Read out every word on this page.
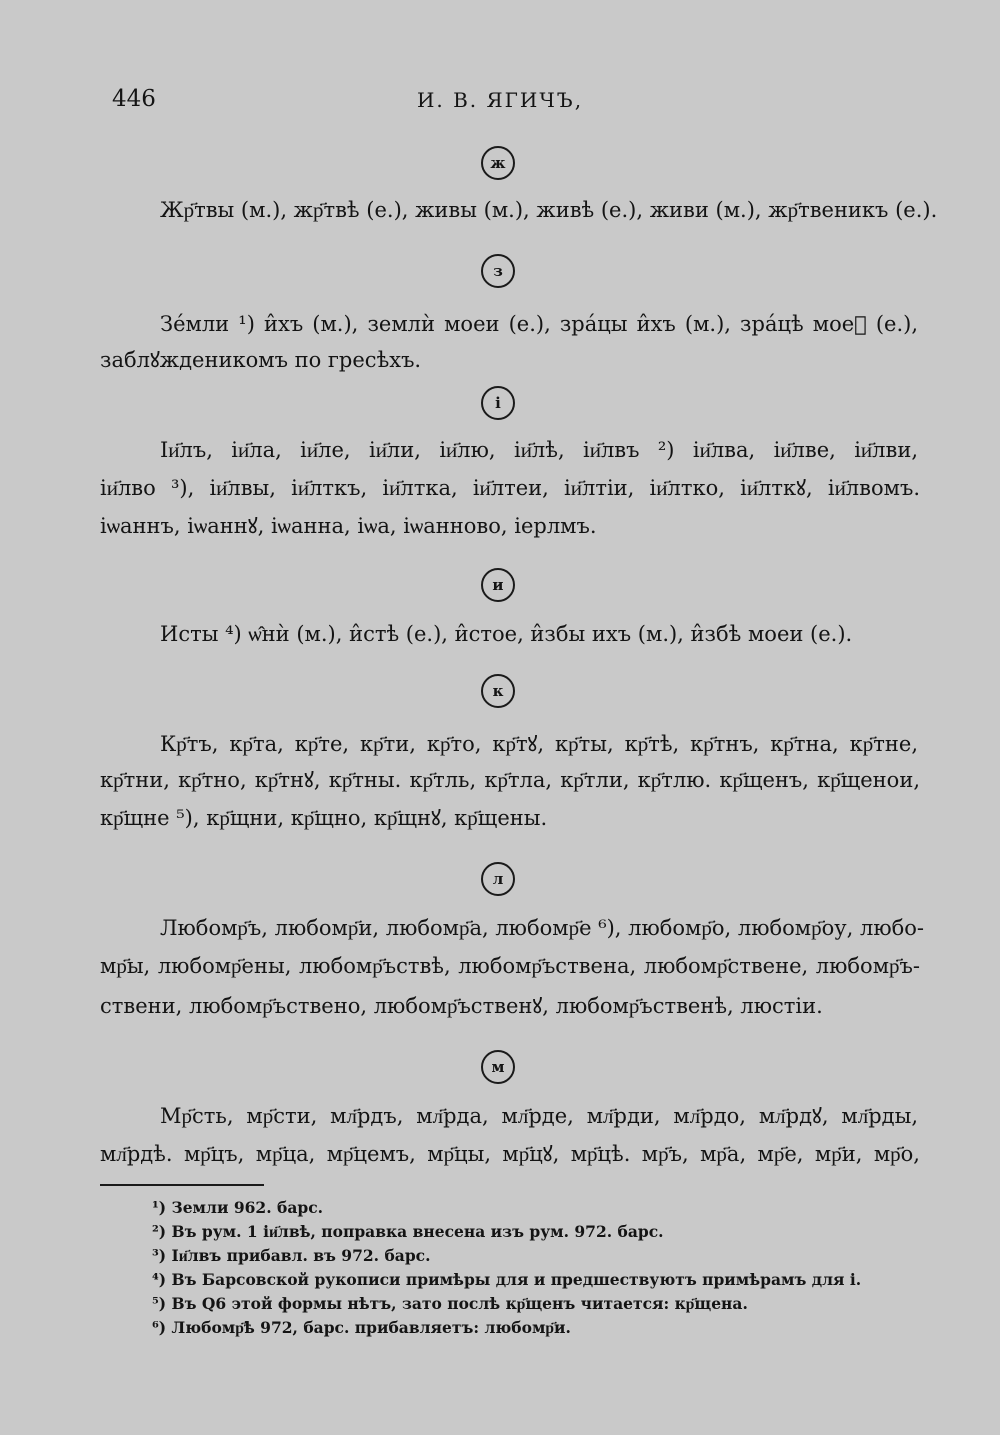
446	И. В. ЯГИЧЪ,
ж
Жр҃твы (м.), жр҃твѣ (е.), живы (м.), живѣ (е.), живи (м.), жр҃твеникъ (е.).
з
Зе́мли ¹) и̂хъ (м.), землѝ моеи (е.), зра́цы и̂хъ (м.), зра́цѣ моеⷨ (е.),
заблꙋжденикомъ по гресѣхъ.
і
Іи҃лъ, іи҃ла, іи҃ле, іи҃ли, іи҃лю, іи҃лѣ, іи҃лвъ ²) іи҃лва, іи҃лве, іи҃лви,
іи҃лво ³), іи҃лвы, іи҃лткъ, іи҃лтка, іи҃лтеи, іи҃лтіи, іи҃лтко, іи҃лткꙋ, іи҃лвомъ.
іѡаннъ, іѡаннꙋ, іѡанна, іѡа, іѡанново, іерлмъ.
и
Исты ⁴) ѡ̂нѝ (м.), и̂стѣ (е.), и̂стое, и̂збы ихъ (м.), и̂збѣ моеи (е.).
к
Кр҃тъ, кр҃та, кр҃те, кр҃ти, кр҃то, кр҃тꙋ, кр҃ты, кр҃тѣ, кр҃тнъ, кр҃тна, кр҃тне,
кр҃тни, кр҃тно, кр҃тнꙋ, кр҃тны. кр҃тль, кр҃тла, кр҃тли, кр҃тлю. кр҃щенъ, кр҃щенои,
кр҃щне ⁵), кр҃щни, кр҃щно, кр҃щнꙋ, кр҃щены.
л
Любомр҃ъ, любомр҃и, любомр҃а, любомр҃е ⁶), любомр҃о, любомр҃оу, любо-
мр҃ы, любомр҃ены, любомр҃ъствѣ, любомр҃ъствена, любомр҃ствене, любомр҃ъ-
ствени, любомр҃ъствено, любомр҃ъственꙋ, любомр҃ъственѣ, люстіи.
м
Мр҃сть, мр҃сти, мл҃рдъ, мл҃рда, мл҃рде, мл҃рди, мл҃рдо, мл҃рдꙋ, мл҃рды,
мл҃рдѣ. мр҃цъ, мр҃ца, мр҃цемъ, мр҃цы, мр҃цꙋ, мр҃цѣ. мр҃ъ, мр҃а, мр҃е, мр҃и, мр҃о,
¹) Земли 962. барс.
²) Въ рум. 1 іи҃лвѣ, поправка внесена изъ рум. 972. барс.
³) Іи҃лвъ прибавл. въ 972. барс.
⁴) Въ Барсовской рукописи примѣры для и предшествуютъ примѣрамъ для і.
⁵) Въ Q6 этой формы нѣтъ, зато послѣ кр҃щенъ читается: кр҃щена.
⁶) Любомр҃ѣ 972, барс. прибавляетъ: любомр҃и.
